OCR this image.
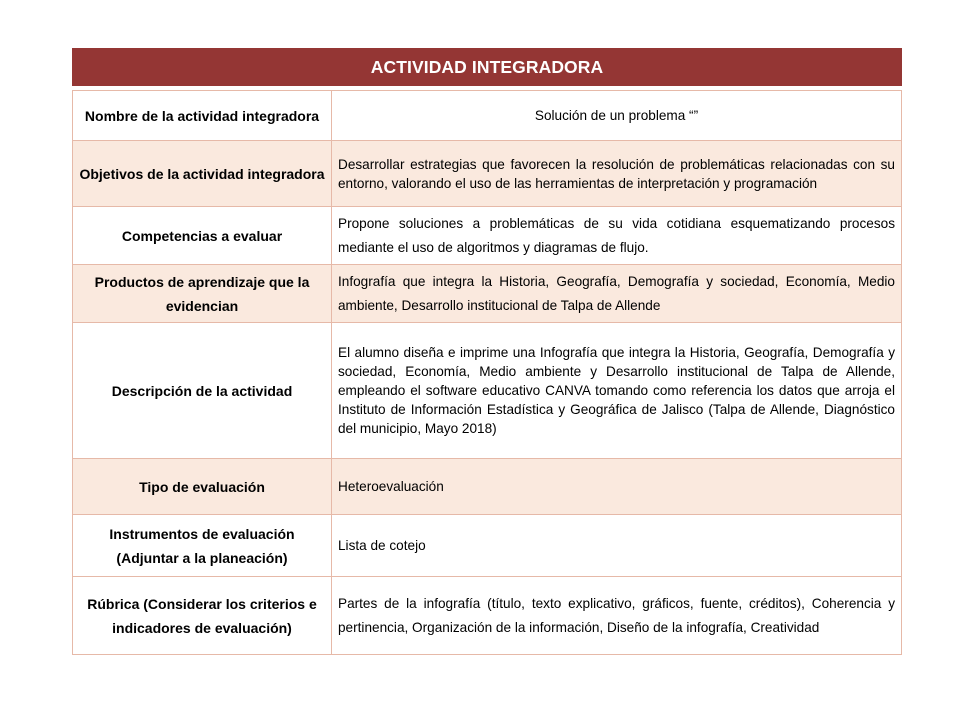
ACTIVIDAD INTEGRADORA
Nombre de la actividad integradora	Solución de un problema “”
Objetivos de la actividad integradora	Desarrollar estrategias que favorecen la resolución de problemáticas relacionadas con su entorno, valorando el uso de las herramientas de interpretación y programación
Competencias a evaluar	Propone soluciones a problemáticas de su vida cotidiana esquematizando procesos mediante el uso de algoritmos y diagramas de flujo.
Productos de aprendizaje que la evidencian	Infografía que integra la Historia, Geografía, Demografía y sociedad, Economía, Medio ambiente, Desarrollo institucional de Talpa de Allende
Descripción de la actividad	El alumno diseña e imprime una Infografía que integra la Historia, Geografía, Demografía y sociedad, Economía, Medio ambiente y Desarrollo institucional de Talpa de Allende, empleando el software educativo CANVA tomando como referencia los datos que arroja el Instituto de Información Estadística y Geográfica de Jalisco (Talpa de Allende, Diagnóstico del municipio, Mayo 2018)
Tipo de evaluación	Heteroevaluación
Instrumentos de evaluación (Adjuntar a la planeación)	Lista de cotejo
Rúbrica (Considerar los criterios e indicadores de evaluación)	Partes de la infografía (título, texto explicativo, gráficos, fuente, créditos), Coherencia y pertinencia, Organización de la información, Diseño de la infografía, Creatividad
